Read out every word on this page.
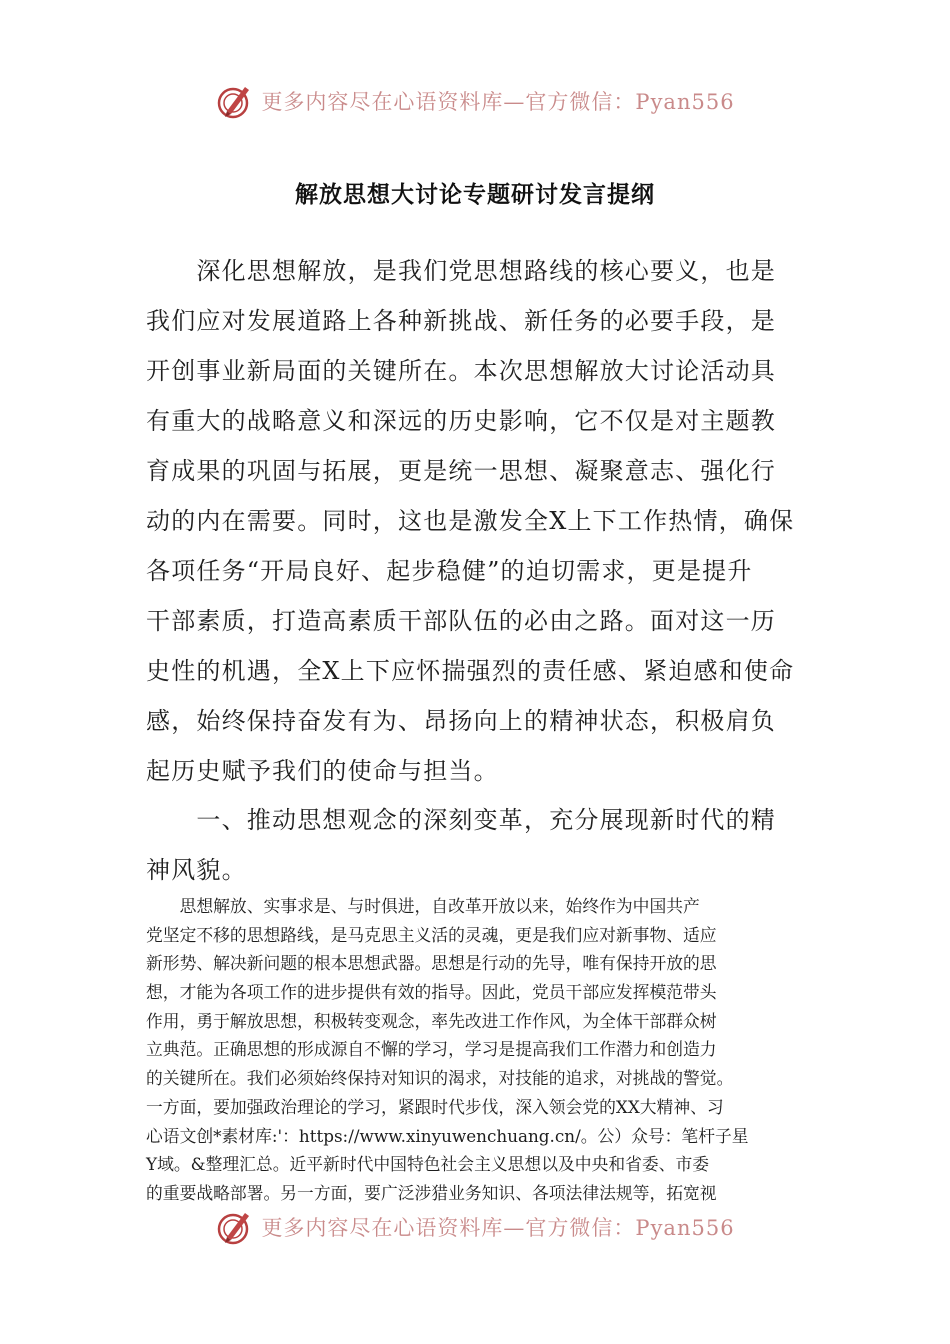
更多内容尽在心语资料库—官方微信：Pyan556
解放思想大讨论专题研讨发言提纲
　　深化思想解放，是我们党思想路线的核心要义，也是
我们应对发展道路上各种新挑战、新任务的必要手段，是
开创事业新局面的关键所在。本次思想解放大讨论活动具
有重大的战略意义和深远的历史影响，它不仅是对主题教
育成果的巩固与拓展，更是统一思想、凝聚意志、强化行
动的内在需要。同时，这也是激发全X上下工作热情，确保
各项任务“开局良好、起步稳健”的迫切需求，更是提升
干部素质，打造高素质干部队伍的必由之路。面对这一历
史性的机遇，全X上下应怀揣强烈的责任感、紧迫感和使命
感，始终保持奋发有为、昂扬向上的精神状态，积极肩负
起历史赋予我们的使命与担当。
　　一、推动思想观念的深刻变革，充分展现新时代的精
神风貌。
　　思想解放、实事求是、与时俱进，自改革开放以来，始终作为中国共产
党坚定不移的思想路线，是马克思主义活的灵魂，更是我们应对新事物、适应
新形势、解决新问题的根本思想武器。思想是行动的先导，唯有保持开放的思
想，才能为各项工作的进步提供有效的指导。因此，党员干部应发挥模范带头
作用，勇于解放思想，积极转变观念，率先改进工作作风，为全体干部群众树
立典范。正确思想的形成源自不懈的学习，学习是提高我们工作潜力和创造力
的关键所在。我们必须始终保持对知识的渴求，对技能的追求，对挑战的警觉。
一方面，要加强政治理论的学习，紧跟时代步伐，深入领会党的XX大精神、习
心语文创*素材库:'：https://www.xinyuwenchuang.cn/。公）众号：笔杆子星
Y域。&整理汇总。近平新时代中国特色社会主义思想以及中央和省委、市委
的重要战略部署。另一方面，要广泛涉猎业务知识、各项法律法规等，拓宽视
更多内容尽在心语资料库—官方微信：Pyan556
